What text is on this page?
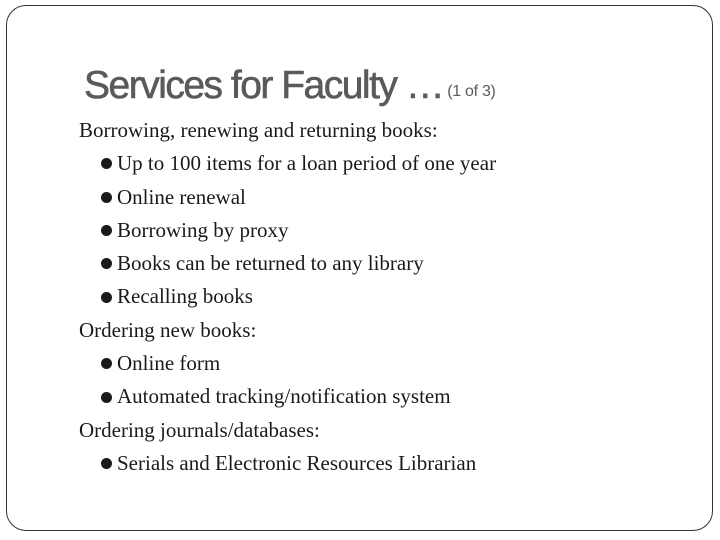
Services for Faculty … (1 of 3)
Borrowing, renewing and returning books:
Up to 100 items for a loan period of one year
Online renewal
Borrowing by proxy
Books can be returned to any library
Recalling books
Ordering new books:
Online form
Automated tracking/notification system
Ordering journals/databases:
Serials and Electronic Resources Librarian
